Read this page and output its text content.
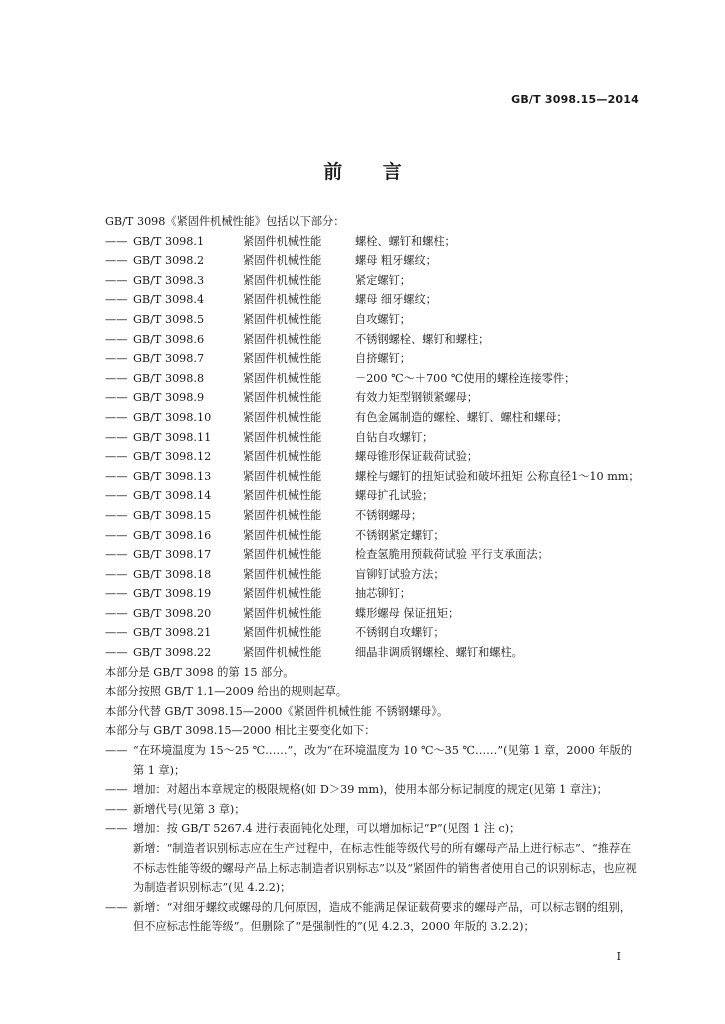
GB/T 3098.15—2014
前 言
GB/T 3098《紧固件机械性能》包括以下部分：
—— GB/T 3098.1	紧固件机械性能	螺栓、螺钉和螺柱；
—— GB/T 3098.2	紧固件机械性能	螺母 粗牙螺纹；
—— GB/T 3098.3	紧固件机械性能	紧定螺钉；
—— GB/T 3098.4	紧固件机械性能	螺母 细牙螺纹；
—— GB/T 3098.5	紧固件机械性能	自攻螺钉；
—— GB/T 3098.6	紧固件机械性能	不锈钢螺栓、螺钉和螺柱；
—— GB/T 3098.7	紧固件机械性能	自挤螺钉；
—— GB/T 3098.8	紧固件机械性能	－200 ℃～＋700 ℃使用的螺栓连接零件；
—— GB/T 3098.9	紧固件机械性能	有效力矩型钢锁紧螺母；
—— GB/T 3098.10	紧固件机械性能	有色金属制造的螺栓、螺钉、螺柱和螺母；
—— GB/T 3098.11	紧固件机械性能	自钻自攻螺钉；
—— GB/T 3098.12	紧固件机械性能	螺母锥形保证载荷试验；
—— GB/T 3098.13	紧固件机械性能	螺栓与螺钉的扭矩试验和破坏扭矩 公称直径1～10 mm；
—— GB/T 3098.14	紧固件机械性能	螺母扩孔试验；
—— GB/T 3098.15	紧固件机械性能	不锈钢螺母；
—— GB/T 3098.16	紧固件机械性能	不锈钢紧定螺钉；
—— GB/T 3098.17	紧固件机械性能	检查氢脆用预载荷试验 平行支承面法；
—— GB/T 3098.18	紧固件机械性能	盲铆钉试验方法；
—— GB/T 3098.19	紧固件机械性能	抽芯铆钉；
—— GB/T 3098.20	紧固件机械性能	蝶形螺母 保证扭矩；
—— GB/T 3098.21	紧固件机械性能	不锈钢自攻螺钉；
—— GB/T 3098.22	紧固件机械性能	细晶非调质钢螺栓、螺钉和螺柱。
本部分是 GB/T 3098 的第 15 部分。
本部分按照 GB/T 1.1—2009 给出的规则起草。
本部分代替 GB/T 3098.15—2000《紧固件机械性能 不锈钢螺母》。
本部分与 GB/T 3098.15—2000 相比主要变化如下：
—— “在环境温度为 15～25 ℃……”，改为“在环境温度为 10 ℃～35 ℃……”(见第 1 章，2000 年版的第 1 章)；
—— 增加：对超出本章规定的极限规格(如 D＞39 mm)，使用本部分标记制度的规定(见第 1 章注)；
—— 新增代号(见第 3 章)；
—— 增加：按 GB/T 5267.4 进行表面钝化处理，可以增加标记“P”(见图 1 注 c)；
新增：“制造者识别标志应在生产过程中，在标志性能等级代号的所有螺母产品上进行标志”、“推荐在不标志性能等级的螺母产品上标志制造者识别标志”以及“紧固件的销售者使用自己的识别标志，也应视为制造者识别标志”(见 4.2.2)；
—— 新增：“对细牙螺纹或螺母的几何原因，造成不能满足保证载荷要求的螺母产品，可以标志钢的组别，但不应标志性能等级”。但删除了“是强制性的”(见 4.2.3，2000 年版的 3.2.2)；
I
